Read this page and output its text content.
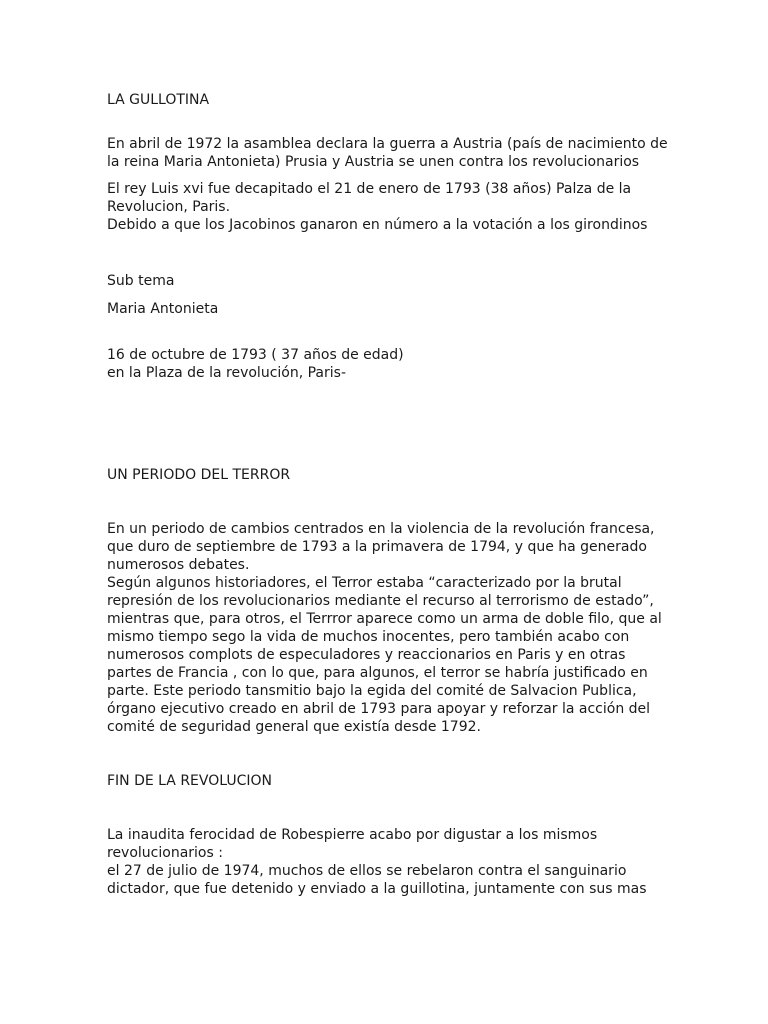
LA GULLOTINA
En abril de 1972 la asamblea declara la guerra a Austria (país de nacimiento de
la reina Maria Antonieta) Prusia y Austria se unen contra los revolucionarios
El rey Luis xvi fue decapitado el 21 de enero de 1793 (38 años) Palza de la
Revolucion, Paris.
Debido a que los Jacobinos ganaron en número a la votación a los girondinos
Sub tema
Maria Antonieta
16 de octubre de 1793 ( 37 años de edad)
en la Plaza de la revolución, Paris-
UN PERIODO DEL TERROR
En un periodo de cambios centrados en la violencia de la revolución francesa,
que duro de septiembre de 1793 a la primavera de 1794, y que ha generado
numerosos debates.
Según algunos historiadores, el Terror estaba “caracterizado por la brutal
represión de los revolucionarios mediante el recurso al terrorismo de estado”,
mientras que, para otros, el Terrror aparece como un arma de doble filo, que al
mismo tiempo sego la vida de muchos inocentes, pero también acabo con
numerosos complots de especuladores y reaccionarios en Paris y en otras
partes de Francia , con lo que, para algunos, el terror se habría justificado en
parte. Este periodo tansmitio bajo la egida del comité de Salvacion Publica,
órgano ejecutivo creado en abril de 1793 para apoyar y reforzar la acción del
comité de seguridad general que existía desde 1792.
FIN DE LA REVOLUCION
La inaudita ferocidad de Robespierre acabo por digustar a los mismos
revolucionarios :
el 27 de julio de 1974, muchos de ellos se rebelaron contra el sanguinario
dictador, que fue detenido y enviado a la guillotina, juntamente con sus mas
